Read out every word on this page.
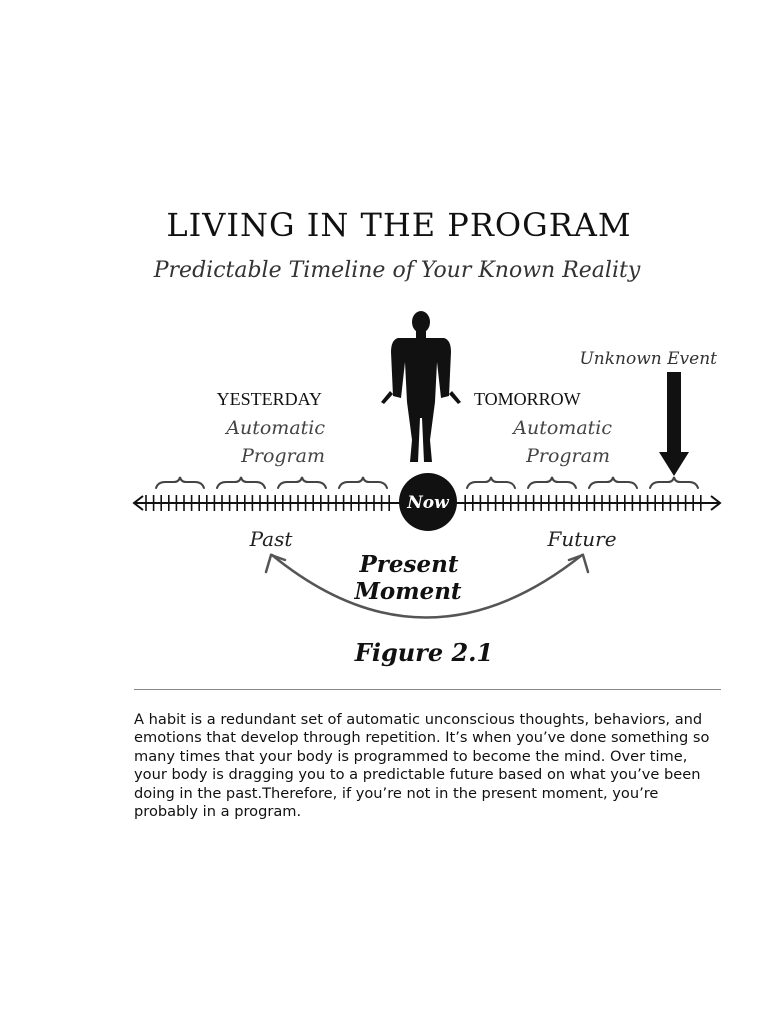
LIVING IN THE PROGRAM
Predictable Timeline of Your Known Reality
YESTERDAY
Automatic
Program
TOMORROW
Automatic
Program
Unknown Event
Now
Past	Future
Present
Moment
Figure 2.1

A habit is a redundant set of automatic unconscious thoughts, behaviors, and emotions that develop through repetition. It’s when you’ve done something so many times that your body is programmed to become the mind. Over time, your body is dragging you to a predictable future based on what you’ve been doing in the past.Therefore, if you’re not in the present moment, you’re probably in a program.
